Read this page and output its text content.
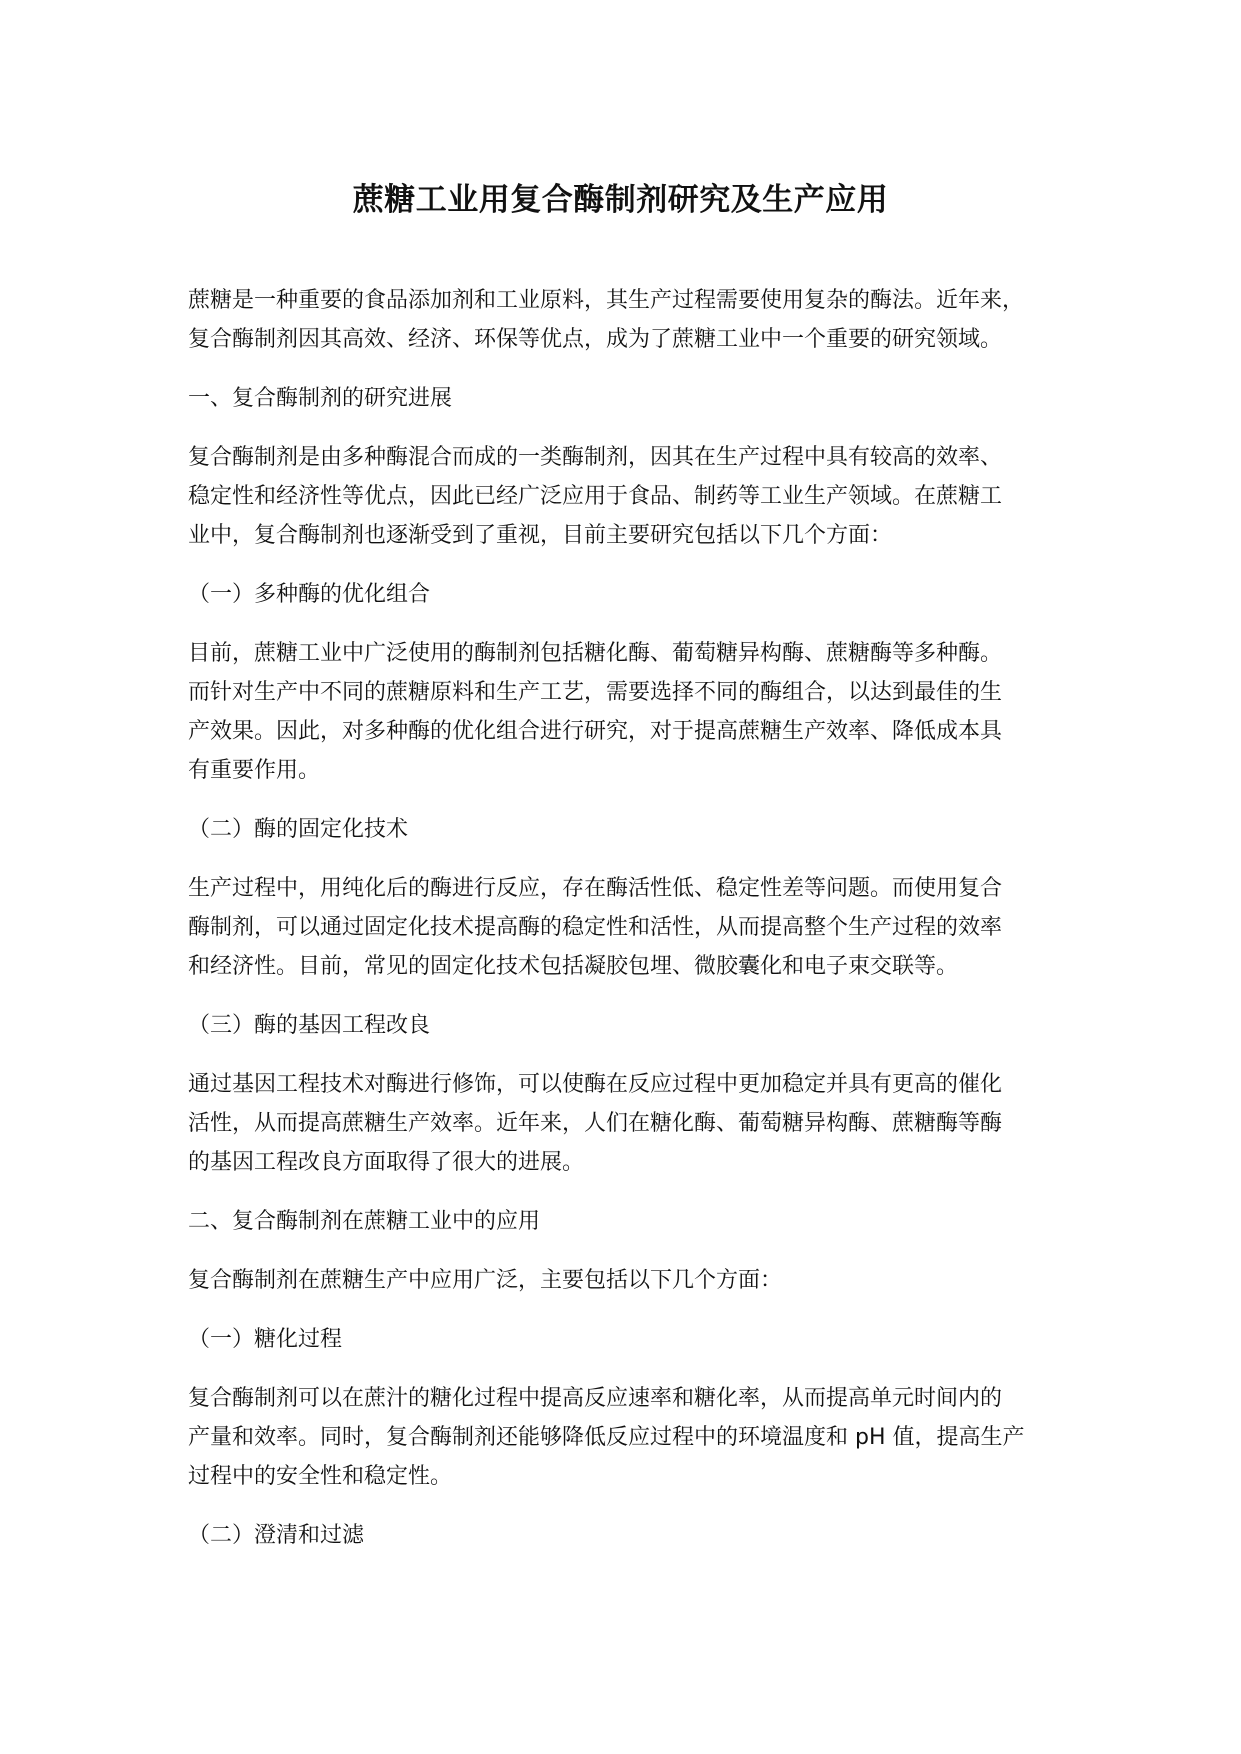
蔗糖工业用复合酶制剂研究及生产应用

蔗糖是一种重要的食品添加剂和工业原料，其生产过程需要使用复杂的酶法。近年来，
复合酶制剂因其高效、经济、环保等优点，成为了蔗糖工业中一个重要的研究领域。

一、复合酶制剂的研究进展

复合酶制剂是由多种酶混合而成的一类酶制剂，因其在生产过程中具有较高的效率、
稳定性和经济性等优点，因此已经广泛应用于食品、制药等工业生产领域。在蔗糖工
业中，复合酶制剂也逐渐受到了重视，目前主要研究包括以下几个方面：

（一）多种酶的优化组合

目前，蔗糖工业中广泛使用的酶制剂包括糖化酶、葡萄糖异构酶、蔗糖酶等多种酶。
而针对生产中不同的蔗糖原料和生产工艺，需要选择不同的酶组合，以达到最佳的生
产效果。因此，对多种酶的优化组合进行研究，对于提高蔗糖生产效率、降低成本具
有重要作用。

（二）酶的固定化技术

生产过程中，用纯化后的酶进行反应，存在酶活性低、稳定性差等问题。而使用复合
酶制剂，可以通过固定化技术提高酶的稳定性和活性，从而提高整个生产过程的效率
和经济性。目前，常见的固定化技术包括凝胶包埋、微胶囊化和电子束交联等。

（三）酶的基因工程改良

通过基因工程技术对酶进行修饰，可以使酶在反应过程中更加稳定并具有更高的催化
活性，从而提高蔗糖生产效率。近年来，人们在糖化酶、葡萄糖异构酶、蔗糖酶等酶
的基因工程改良方面取得了很大的进展。

二、复合酶制剂在蔗糖工业中的应用

复合酶制剂在蔗糖生产中应用广泛，主要包括以下几个方面：

（一）糖化过程

复合酶制剂可以在蔗汁的糖化过程中提高反应速率和糖化率，从而提高单元时间内的
产量和效率。同时，复合酶制剂还能够降低反应过程中的环境温度和 pH 值，提高生产
过程中的安全性和稳定性。

（二）澄清和过滤
